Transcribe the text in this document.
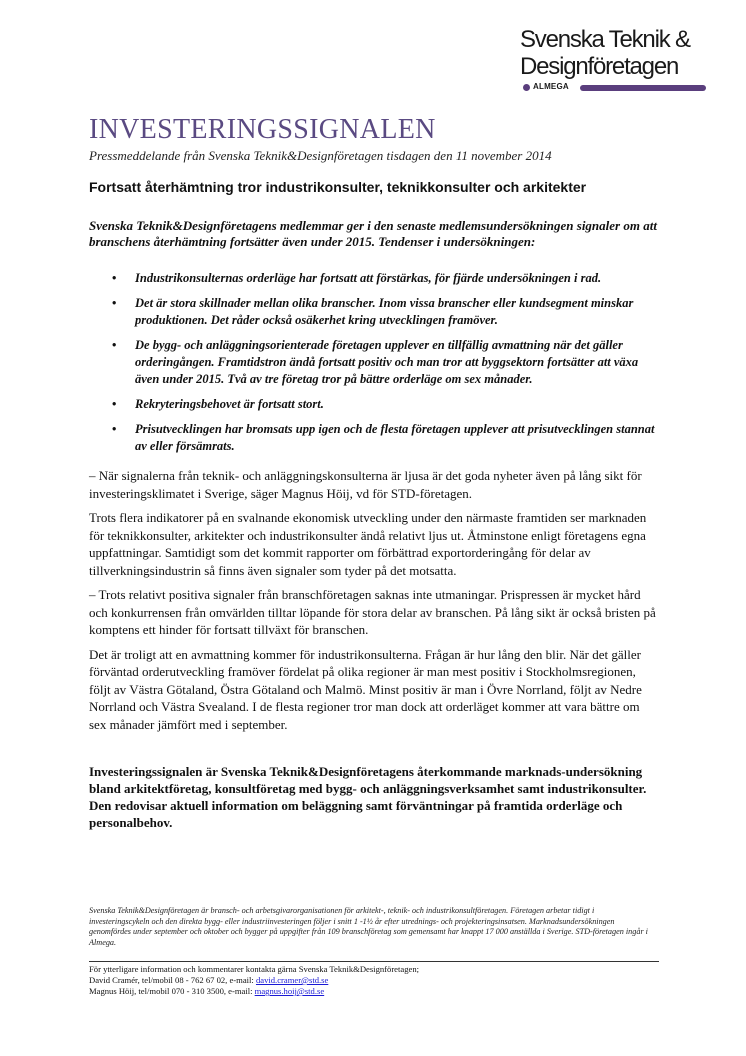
Svenska Teknik &
Designföretagen
ALMEGA
INVESTERINGSSIGNALEN

Pressmeddelande från Svenska Teknik&Designföretagen tisdagen den 11 november 2014

Fortsatt återhämtning tror industrikonsulter, teknikkonsulter och arkitekter

Svenska Teknik&Designföretagens medlemmar ger i den senaste medlemsundersökningen signaler om att branschens återhämtning fortsätter även under 2015. Tendenser i undersökningen:

• Industrikonsulternas orderläge har fortsatt att förstärkas, för fjärde undersökningen i rad.
• Det är stora skillnader mellan olika branscher. Inom vissa branscher eller kundsegment minskar produktionen. Det råder också osäkerhet kring utvecklingen framöver.
• De bygg- och anläggningsorienterade företagen upplever en tillfällig avmattning när det gäller orderingången. Framtidstron ändå fortsatt positiv och man tror att byggsektorn fortsätter att växa även under 2015. Två av tre företag tror på bättre orderläge om sex månader.
• Rekryteringsbehovet är fortsatt stort.
• Prisutvecklingen har bromsats upp igen och de flesta företagen upplever att prisutvecklingen stannat av eller försämrats.

– När signalerna från teknik- och anläggningskonsulterna är ljusa är det goda nyheter även på lång sikt för investeringsklimatet i Sverige, säger Magnus Höij, vd för STD-företagen.

Trots flera indikatorer på en svalnande ekonomisk utveckling under den närmaste framtiden ser marknaden för teknikkonsulter, arkitekter och industrikonsulter ändå relativt ljus ut. Åtminstone enligt företagens egna uppfattningar. Samtidigt som det kommit rapporter om förbättrad exportorderingång för delar av tillverkningsindustrin så finns även signaler som tyder på det motsatta.

– Trots relativt positiva signaler från branschföretagen saknas inte utmaningar. Prispressen är mycket hård och konkurrensen från omvärlden tilltar löpande för stora delar av branschen. På lång sikt är också bristen på komptens ett hinder för fortsatt tillväxt för branschen.

Det är troligt att en avmattning kommer för industrikonsulterna. Frågan är hur lång den blir. När det gäller förväntad orderutveckling framöver fördelat på olika regioner är man mest positiv i Stockholmsregionen, följt av Västra Götaland, Östra Götaland och Malmö. Minst positiv är man i Övre Norrland, följt av Nedre Norrland och Västra Svealand. I de flesta regioner tror man dock att orderläget kommer att vara bättre om sex månader jämfört med i september.

Investeringssignalen är Svenska Teknik&Designföretagens återkommande marknads-undersökning bland arkitektföretag, konsultföretag med bygg- och anläggningsverksamhet samt industrikonsulter. Den redovisar aktuell information om beläggning samt förväntningar på framtida orderläge och personalbehov.

Svenska Teknik&Designföretagen är bransch- och arbetsgivarorganisationen för arkitekt-, teknik- och industrikonsultföretagen. Företagen arbetar tidigt i investeringscykeln och den direkta bygg- eller industriinvesteringen följer i snitt 1 -1½ år efter utrednings- och projekteringsinsatsen. Marknadsundersökningen genomfördes under september och oktober och bygger på uppgifter från 109 branschföretag som gemensamt har knappt 17 000 anställda i Sverige. STD-företagen ingår i Almega.

För ytterligare information och kommentarer kontakta gärna Svenska Teknik&Designföretagen;
David Cramér, tel/mobil 08 - 762 67 02, e-mail: david.cramer@std.se
Magnus Höij, tel/mobil 070 - 310 3500, e-mail: magnus.hoij@std.se
